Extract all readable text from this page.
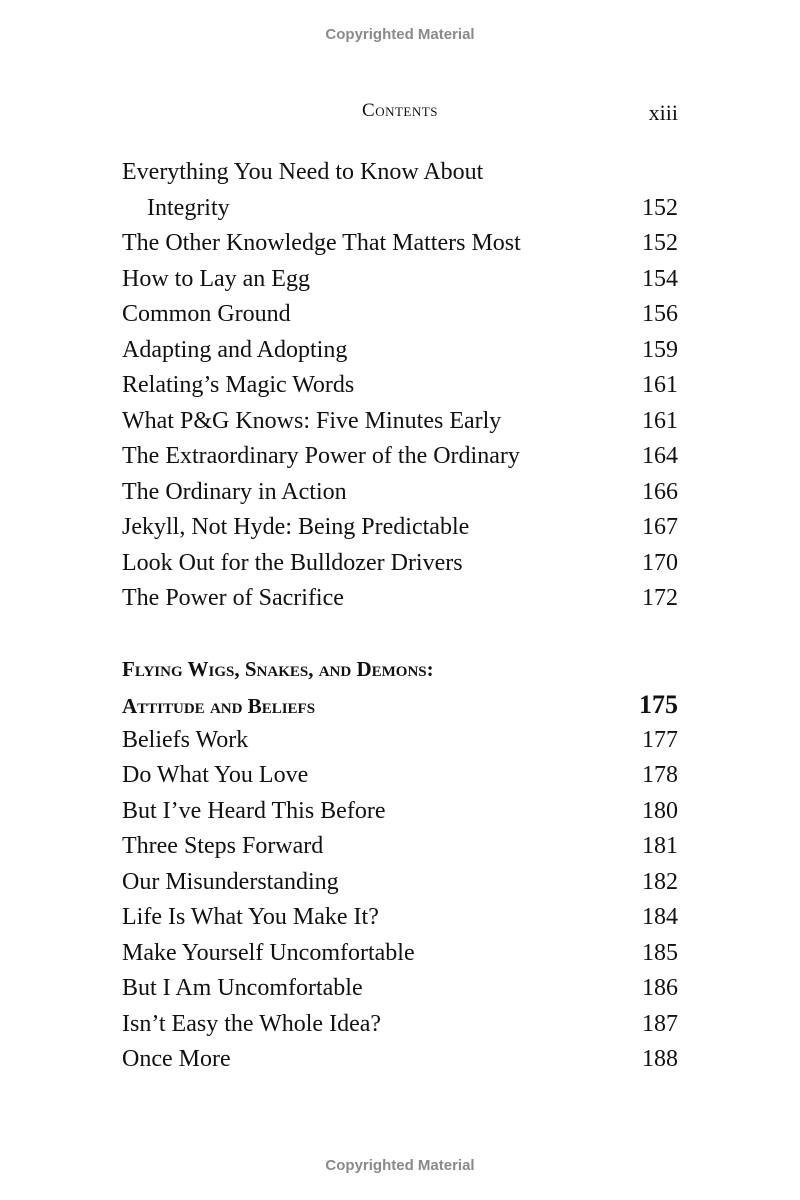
Copyrighted Material
Contents	xiii
Everything You Need to Know About
Integrity	152
The Other Knowledge That Matters Most	152
How to Lay an Egg	154
Common Ground	156
Adapting and Adopting	159
Relating’s Magic Words	161
What P&G Knows: Five Minutes Early	161
The Extraordinary Power of the Ordinary	164
The Ordinary in Action	166
Jekyll, Not Hyde: Being Predictable	167
Look Out for the Bulldozer Drivers	170
The Power of Sacrifice	172
Flying Wigs, Snakes, and Demons:
Attitude and Beliefs	175
Beliefs Work	177
Do What You Love	178
But I’ve Heard This Before	180
Three Steps Forward	181
Our Misunderstanding	182
Life Is What You Make It?	184
Make Yourself Uncomfortable	185
But I Am Uncomfortable	186
Isn’t Easy the Whole Idea?	187
Once More	188
Copyrighted Material
